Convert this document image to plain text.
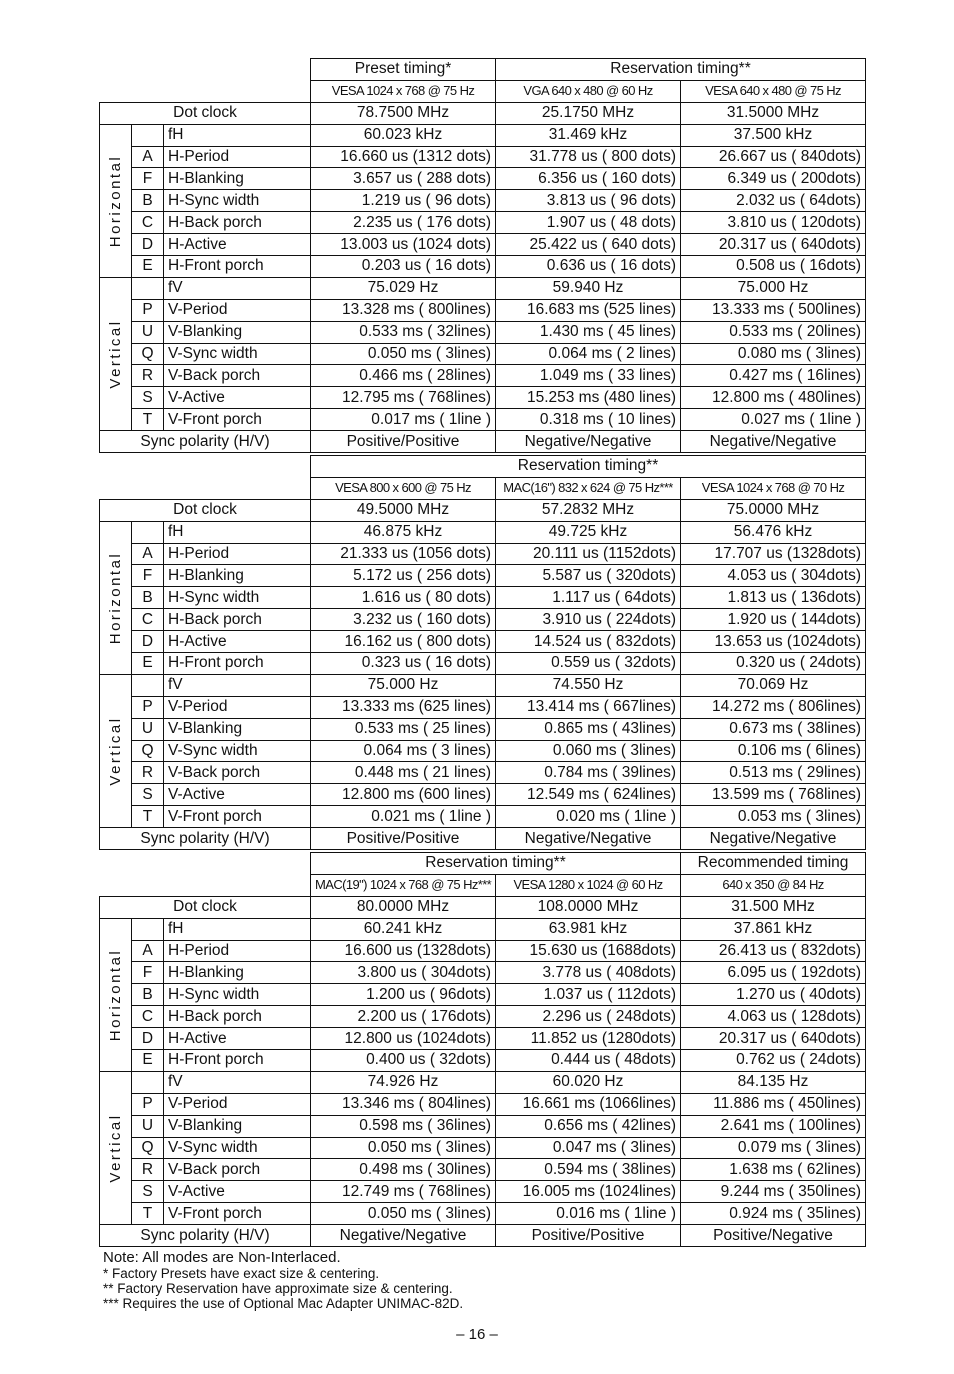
			Preset timing*	Reservation timing**	
			VESA 1024 x 768 @ 75 Hz	VGA 640 x 480 @ 60 Hz	VESA 640 x 480 @ 75 Hz
Dot clock			78.7500 MHz	25.1750 MHz	31.5000 MHz

Horizontal		fH	60.023 kHz	31.469 kHz	37.500 kHz
	A	H-Period	16.660 us (1312 dots)	31.778 us ( 800 dots)	26.667 us ( 840dots)
	F	H-Blanking	3.657 us ( 288 dots)	6.356 us ( 160 dots)	6.349 us ( 200dots)
	B	H-Sync width	1.219 us ( 96 dots)	3.813 us ( 96 dots)	2.032 us ( 64dots)
	C	H-Back porch	2.235 us ( 176 dots)	1.907 us ( 48 dots)	3.810 us ( 120dots)
	D	H-Active	13.003 us (1024 dots)	25.422 us ( 640 dots)	20.317 us ( 640dots)
	E	H-Front porch	0.203 us ( 16 dots)	0.636 us ( 16 dots)	0.508 us ( 16dots)

Vertical		fV	75.029 Hz	59.940 Hz	75.000 Hz
	P	V-Period	13.328 ms ( 800lines)	16.683 ms (525 lines)	13.333 ms ( 500lines)
	U	V-Blanking	0.533 ms ( 32lines)	1.430 ms ( 45 lines)	0.533 ms ( 20lines)
	Q	V-Sync width	0.050 ms ( 3lines)	0.064 ms ( 2 lines)	0.080 ms ( 3lines)
	R	V-Back porch	0.466 ms ( 28lines)	1.049 ms ( 33 lines)	0.427 ms ( 16lines)
	S	V-Active	12.795 ms ( 768lines)	15.253 ms (480 lines)	12.800 ms ( 480lines)
	T	V-Front porch	0.017 ms ( 1line )	0.318 ms ( 10 lines)	0.027 ms ( 1line )
Sync polarity (H/V)			Positive/Positive	Negative/Negative	Negative/Negative
			Reservation timing**		
			VESA 800 x 600 @ 75 Hz	MAC(16") 832 x 624 @ 75 Hz***	VESA 1024 x 768 @ 70 Hz
Dot clock			49.5000 MHz	57.2832 MHz	75.0000 MHz

Horizontal		fH	46.875 kHz	49.725 kHz	56.476 kHz
	A	H-Period	21.333 us (1056 dots)	20.111 us (1152dots)	17.707 us (1328dots)
	F	H-Blanking	5.172 us ( 256 dots)	5.587 us ( 320dots)	4.053 us ( 304dots)
	B	H-Sync width	1.616 us ( 80 dots)	1.117 us ( 64dots)	1.813 us ( 136dots)
	C	H-Back porch	3.232 us ( 160 dots)	3.910 us ( 224dots)	1.920 us ( 144dots)
	D	H-Active	16.162 us ( 800 dots)	14.524 us ( 832dots)	13.653 us (1024dots)
	E	H-Front porch	0.323 us ( 16 dots)	0.559 us ( 32dots)	0.320 us ( 24dots)

Vertical		fV	75.000 Hz	74.550 Hz	70.069 Hz
	P	V-Period	13.333 ms (625 lines)	13.414 ms ( 667lines)	14.272 ms ( 806lines)
	U	V-Blanking	0.533 ms ( 25 lines)	0.865 ms ( 43lines)	0.673 ms ( 38lines)
	Q	V-Sync width	0.064 ms ( 3 lines)	0.060 ms ( 3lines)	0.106 ms ( 6lines)
	R	V-Back porch	0.448 ms ( 21 lines)	0.784 ms ( 39lines)	0.513 ms ( 29lines)
	S	V-Active	12.800 ms (600 lines)	12.549 ms ( 624lines)	13.599 ms ( 768lines)
	T	V-Front porch	0.021 ms ( 1line )	0.020 ms ( 1line )	0.053 ms ( 3lines)
Sync polarity (H/V)			Positive/Positive	Negative/Negative	Negative/Negative
			Reservation timing**		Recommended timing
			MAC(19") 1024 x 768 @ 75 Hz***	VESA 1280 x 1024 @ 60 Hz	640 x 350 @ 84 Hz
Dot clock			80.0000 MHz	108.0000 MHz	31.500 MHz

Horizontal		fH	60.241 kHz	63.981 kHz	37.861 kHz
	A	H-Period	16.600 us (1328dots)	15.630 us (1688dots)	26.413 us ( 832dots)
	F	H-Blanking	3.800 us ( 304dots)	3.778 us ( 408dots)	6.095 us ( 192dots)
	B	H-Sync width	1.200 us ( 96dots)	1.037 us ( 112dots)	1.270 us ( 40dots)
	C	H-Back porch	2.200 us ( 176dots)	2.296 us ( 248dots)	4.063 us ( 128dots)
	D	H-Active	12.800 us (1024dots)	11.852 us (1280dots)	20.317 us ( 640dots)
	E	H-Front porch	0.400 us ( 32dots)	0.444 us ( 48dots)	0.762 us ( 24dots)

Vertical		fV	74.926 Hz	60.020 Hz	84.135 Hz
	P	V-Period	13.346 ms ( 804lines)	16.661 ms (1066lines)	11.886 ms ( 450lines)
	U	V-Blanking	0.598 ms ( 36lines)	0.656 ms ( 42lines)	2.641 ms ( 100lines)
	Q	V-Sync width	0.050 ms ( 3lines)	0.047 ms ( 3lines)	0.079 ms ( 3lines)
	R	V-Back porch	0.498 ms ( 30lines)	0.594 ms ( 38lines)	1.638 ms ( 62lines)
	S	V-Active	12.749 ms ( 768lines)	16.005 ms (1024lines)	9.244 ms ( 350lines)
	T	V-Front porch	0.050 ms ( 3lines)	0.016 ms ( 1line )	0.924 ms ( 35lines)
Sync polarity (H/V)			Negative/Negative	Positive/Positive	Positive/Negative
Note: All modes are Non-Interlaced.
* Factory Presets have exact size & centering.
** Factory Reservation have approximate size & centering.
*** Requires the use of Optional Mac Adapter UNIMAC-82D.
– 16 –
